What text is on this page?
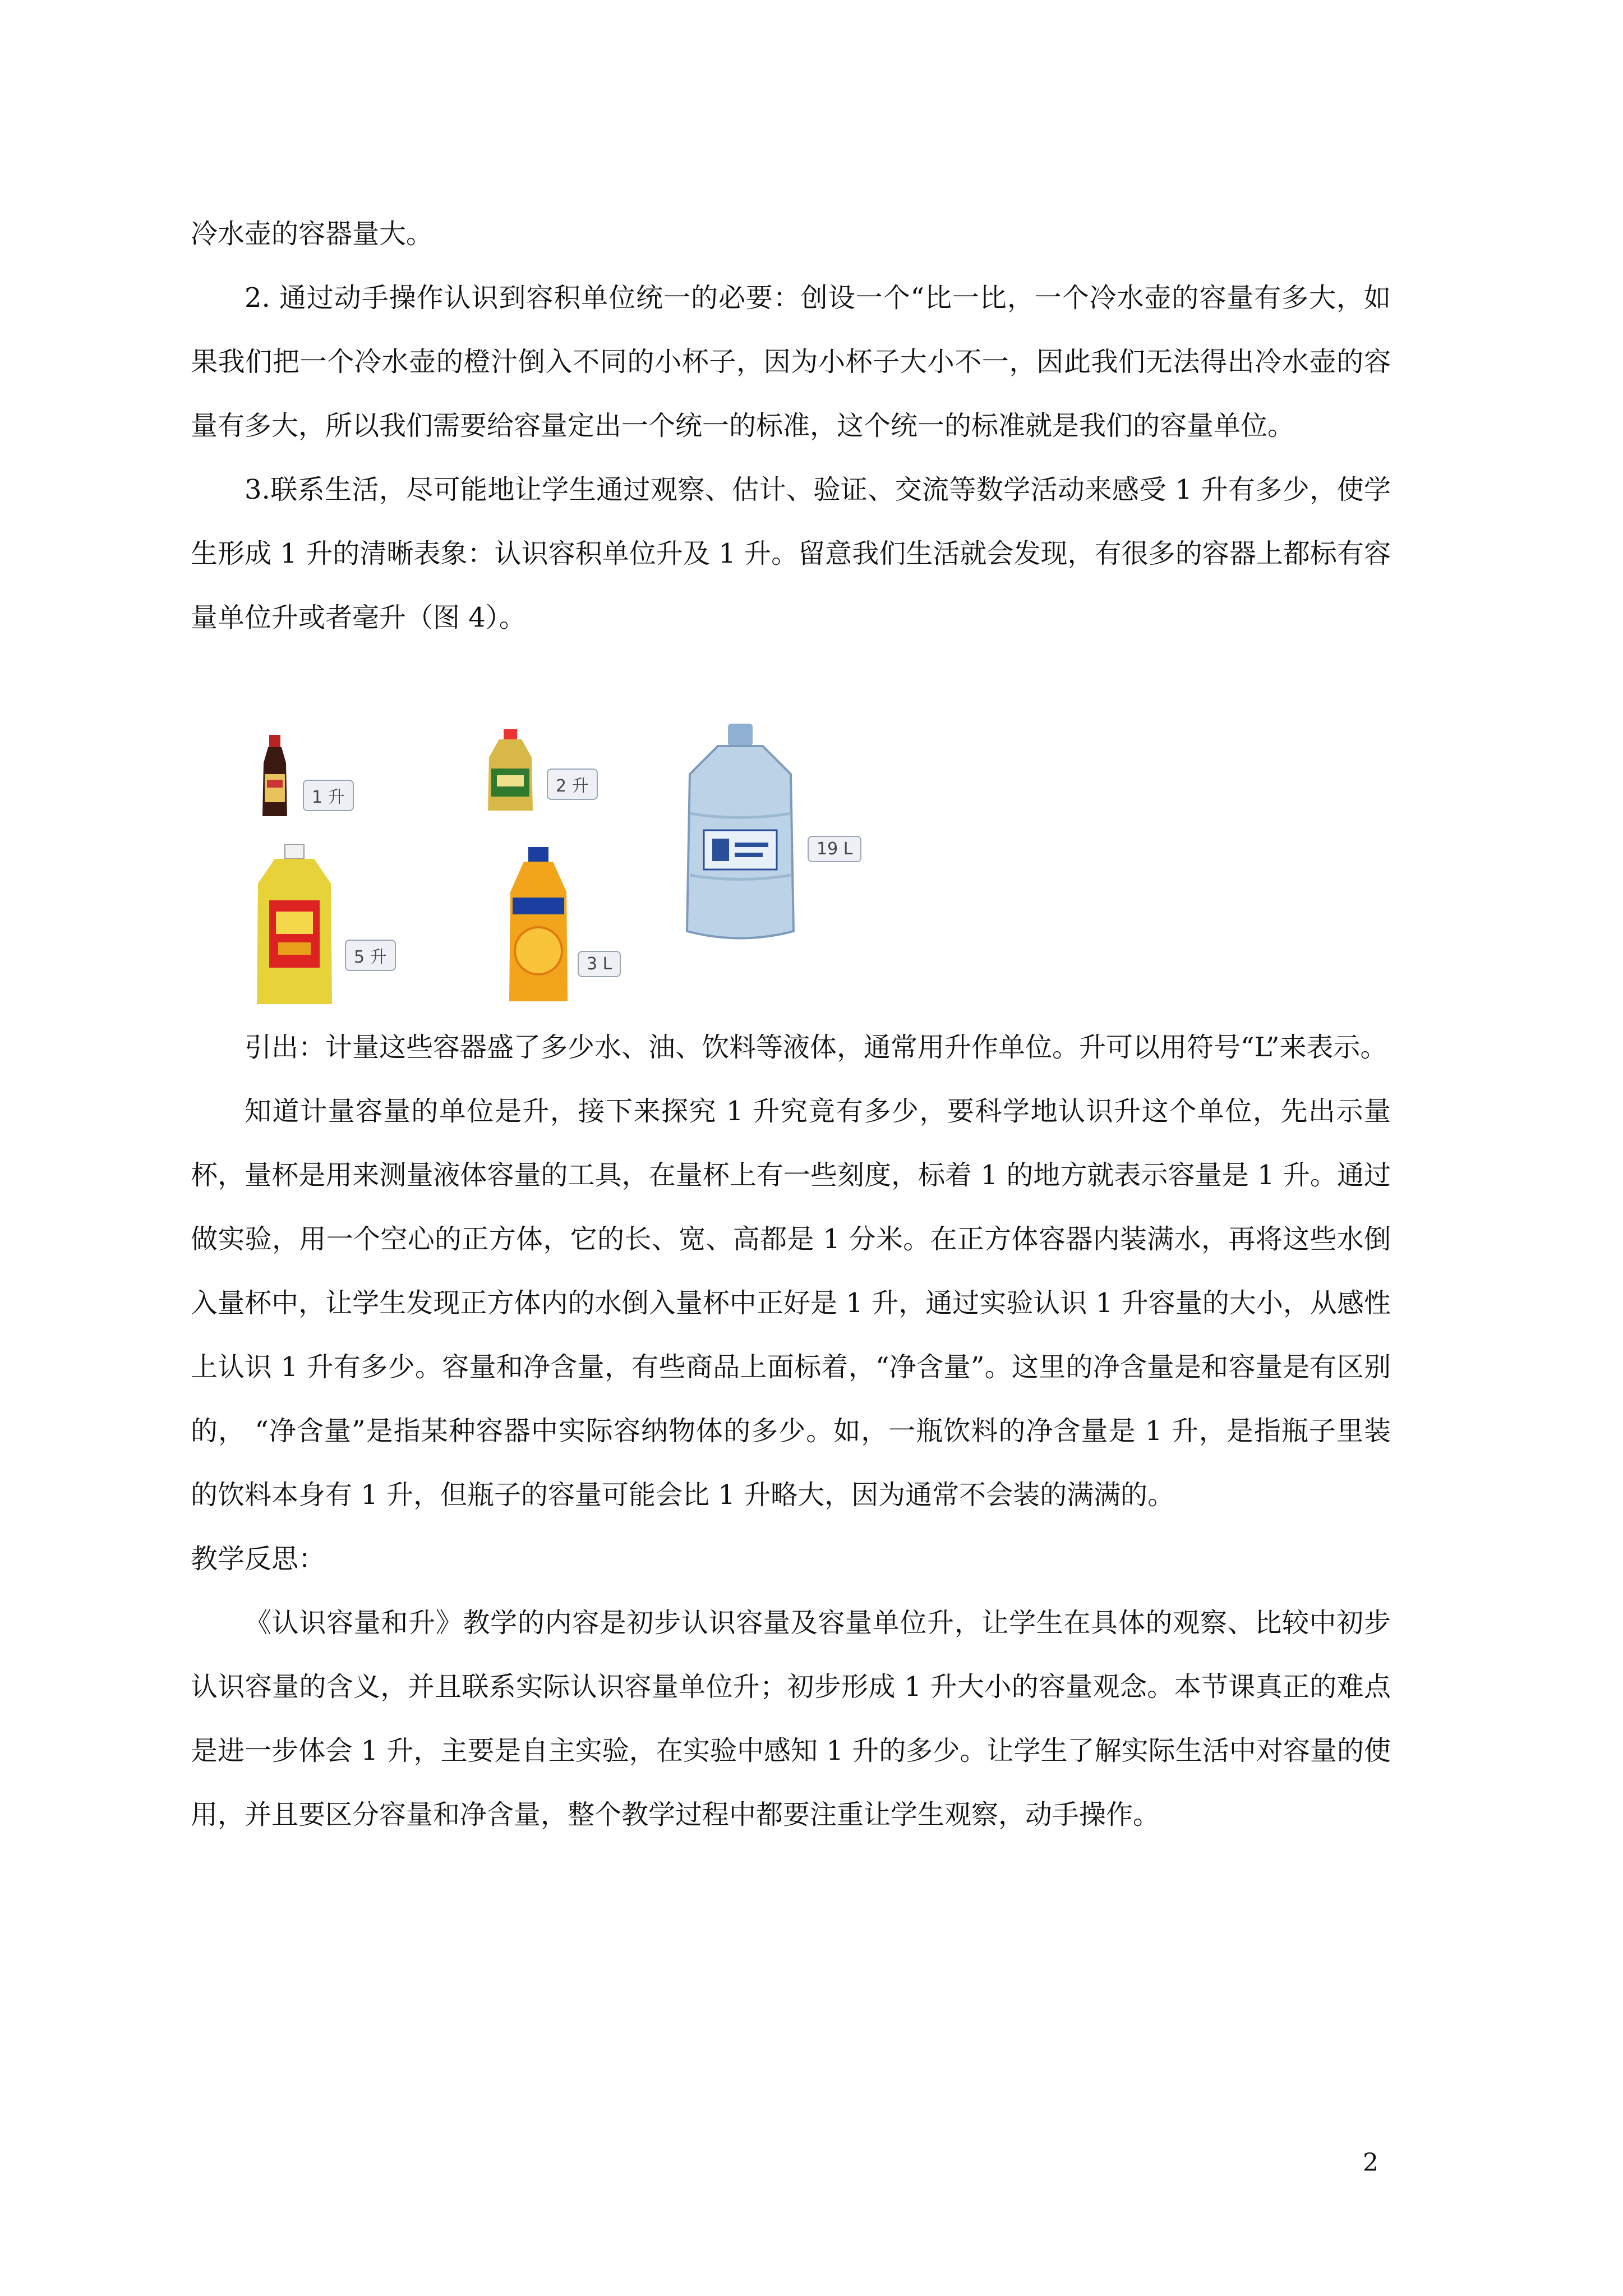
冷水壶的容器量大。

2. 通过动手操作认识到容积单位统一的必要：创设一个“比一比，一个冷水壶的容量有多大，如果我们把一个冷水壶的橙汁倒入不同的小杯子，因为小杯子大小不一，因此我们无法得出冷水壶的容量有多大，所以我们需要给容量定出一个统一的标准，这个统一的标准就是我们的容量单位。

3.联系生活，尽可能地让学生通过观察、估计、验证、交流等数学活动来感受 1 升有多少，使学生形成 1 升的清晰表象：认识容积单位升及 1 升。留意我们生活就会发现，有很多的容器上都标有容量单位升或者毫升（图 4）。

1 升
2 升
19 L
5 升	3 L

引出：计量这些容器盛了多少水、油、饮料等液体，通常用升作单位。升可以用符号“L”来表示。

知道计量容量的单位是升，接下来探究 1 升究竟有多少，要科学地认识升这个单位，先出示量杯，量杯是用来测量液体容量的工具，在量杯上有一些刻度，标着 1 的地方就表示容量是 1 升。通过做实验，用一个空心的正方体，它的长、宽、高都是 1 分米。在正方体容器内装满水，再将这些水倒入量杯中，让学生发现正方体内的水倒入量杯中正好是 1 升，通过实验认识 1 升容量的大小，从感性上认识 1 升有多少。容量和净含量，有些商品上面标着，“净含量”。这里的净含量是和容量是有区别的， “净含量”是指某种容器中实际容纳物体的多少。如，一瓶饮料的净含量是 1 升，是指瓶子里装的饮料本身有 1 升，但瓶子的容量可能会比 1 升略大，因为通常不会装的满满的。

教学反思：

《认识容量和升》教学的内容是初步认识容量及容量单位升，让学生在具体的观察、比较中初步认识容量的含义，并且联系实际认识容量单位升；初步形成 1 升大小的容量观念。本节课真正的难点是进一步体会 1 升，主要是自主实验，在实验中感知 1 升的多少。让学生了解实际生活中对容量的使用，并且要区分容量和净含量，整个教学过程中都要注重让学生观察，动手操作。

2
